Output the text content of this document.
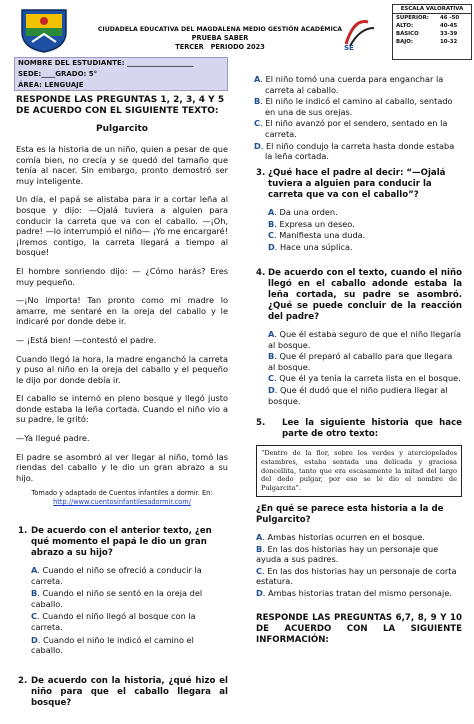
CIUDADELA EDUCATIVA DEL MAGDALENA MEDIO GESTIÓN ACADÉMICA
PRUEBA SABER
TERCER   PERIODO 2023	SE
ESCALA VALORATIVA
SUPERIOR:	46 -50
ALTO:	40-45
BÁSICO	33-39
BAJO:	10-32
NOMBRE DEL ESTUDIANTE: ___________________
SEDE:____GRADO: 5°
ÁREA: LENGUAJE
RESPONDE LAS PREGUNTAS 1, 2, 3, 4 Y 5 DE ACUERDO CON EL SIGUIENTE TEXTO:
Pulgarcito
Esta es la historia de un niño, quien a pesar de que comía bien, no crecía y se quedó del tamaño que tenía al nacer. Sin embargo, pronto demostró ser muy inteligente.
Un día, el papá se alistaba para ir a cortar leña al bosque y dijo: —Ojalá tuviera a alguien para conducir la carreta que va con el caballo. —¡Oh, padre! —lo interrumpió el niño— ¡Yo me encargaré! ¡Iremos contigo, la carreta llegará a tiempo al bosque!
El hombre sonriendo dijo: — ¿Cómo harás? Eres muy pequeño.
—¡No importa! Tan pronto como mi madre lo amarre, me sentaré en la oreja del caballo y le indicaré por donde debe ir.
— ¡Está bien! —contestó el padre.
Cuando llegó la hora, la madre enganchó la carreta y puso al niño en la oreja del caballo y el pequeño le dijo por donde debía ir.
El caballo se internó en pleno bosque y llegó justo donde estaba la leña cortada. Cuando el niño vio a su padre, le gritó:
—Ya llegué padre.
El padre se asombró al ver llegar al niño, tomó las riendas del caballo y le dio un gran abrazo a su hijo.
Tomado y adaptado de Cuentos infantiles a dormir. En:
http://www.cuentosinfantilesadormir.com/
1. De acuerdo con el anterior texto, ¿en qué momento el papá le dio un gran abrazo a su hijo?
A. Cuando el niño se ofreció a conducir la carreta.
B. Cuando el niño se sentó en la oreja del caballo.
C. Cuando el niño llegó al bosque con la carreta.
D. Cuando el niño le indicó el camino el caballo.
2. De acuerdo con la historia, ¿qué hizo el niño para que el caballo llegara al bosque?
A. El niño tomó una cuerda para enganchar la carreta al caballo.
B. El niño le indicó el camino al caballo, sentado en una de sus orejas.
C. El niño avanzó por el sendero, sentado en la carreta.
D. El niño condujo la carreta hasta donde estaba la leña cortada.
3. ¿Qué hace el padre al decir: “—Ojalá tuviera a alguien para conducir la carreta que va con el caballo”?
A. Da una orden.
B. Expresa un deseo.
C. Manifiesta una duda.
D. Hace una súplica.
4. De acuerdo con el texto, cuando el niño llegó en el caballo adonde estaba la leña cortada, su padre se asombró. ¿Qué se puede concluir de la reacción del padre?
A. Que él estaba seguro de que el niño llegaría al bosque.
B. Que él preparó al caballo para que llegara al bosque.
C. Que él ya tenía la carreta lista en el bosque.
D. Que él dudó que el niño pudiera llegar al bosque.
5.	Lee la siguiente historia que hace parte de otro texto:
“Dentro de la flor, sobre los verdes y aterciopelados estambres, estaba sentada una delicada y graciosa doncellita, tanto que era escasamente la mitad del largo del dedo pulgar, por eso se le dio el nombre de Pulgarcita”.
¿En qué se parece esta historia a la de Pulgarcito?
A. Ambas historias ocurren en el bosque.
B. En las dos historias hay un personaje que ayuda a sus padres.
C. En las dos historias hay un personaje de corta estatura.
D. Ambas historias tratan del mismo personaje.
RESPONDE LAS PREGUNTAS 6,7, 8, 9 Y 10 DE ACUERDO CON LA SIGUIENTE INFORMACIÓN:
